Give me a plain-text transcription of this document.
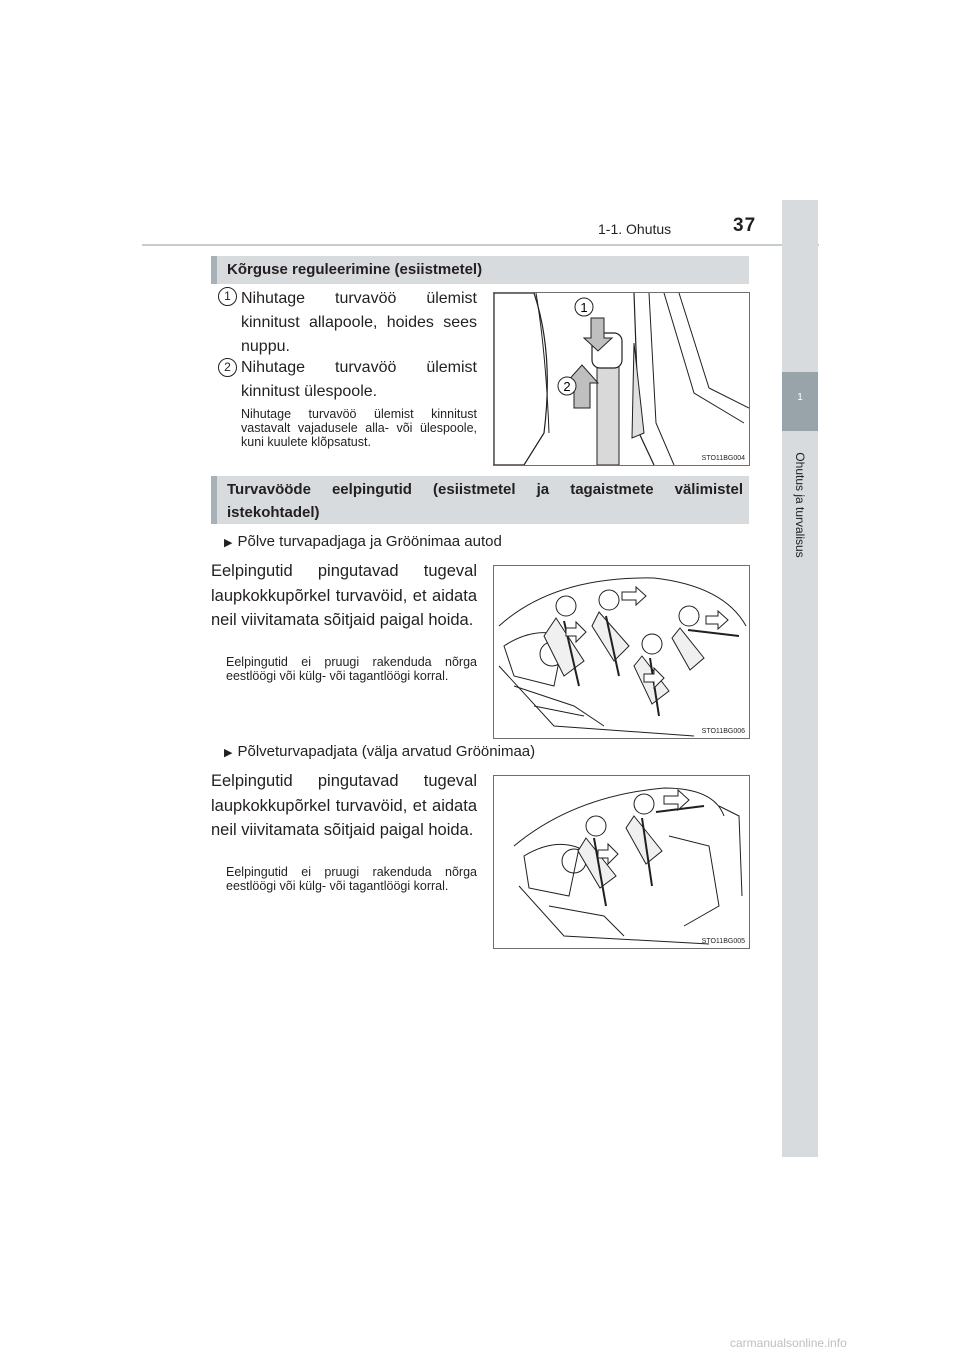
1-1. Ohutus	37
1
Ohutus ja turvalisus
Kõrguse reguleerimine (esiistmetel)
1 Nihutage turvavöö ülemist kinnitust allapoole, hoides sees nuppu.
2 Nihutage turvavöö ülemist kinnitust ülespoole.
Nihutage turvavöö ülemist kinnitust vastavalt vajadusele alla- või ülespoole, kuni kuulete klõpsatust.
1
2
STO11BG004
Turvavööde eelpingutid (esiistmetel ja tagaistmete välimistel istekohtadel)
▶ Põlve turvapadjaga ja Gröönimaa autod
Eelpingutid pingutavad tugeval laupkokkupõrkel turvavöid, et aidata neil viivitamata sõitjaid paigal hoida.
Eelpingutid ei pruugi rakenduda nõrga eestlöögi või külg- või tagantlöögi korral.
STO11BG006
▶ Põlveturvapadjata (välja arvatud Gröönimaa)
Eelpingutid pingutavad tugeval laupkokkupõrkel turvavöid, et aidata neil viivitamata sõitjaid paigal hoida.
Eelpingutid ei pruugi rakenduda nõrga eestlöögi või külg- või tagantlöögi korral.
STO11BG005
carmanualsonline.info
